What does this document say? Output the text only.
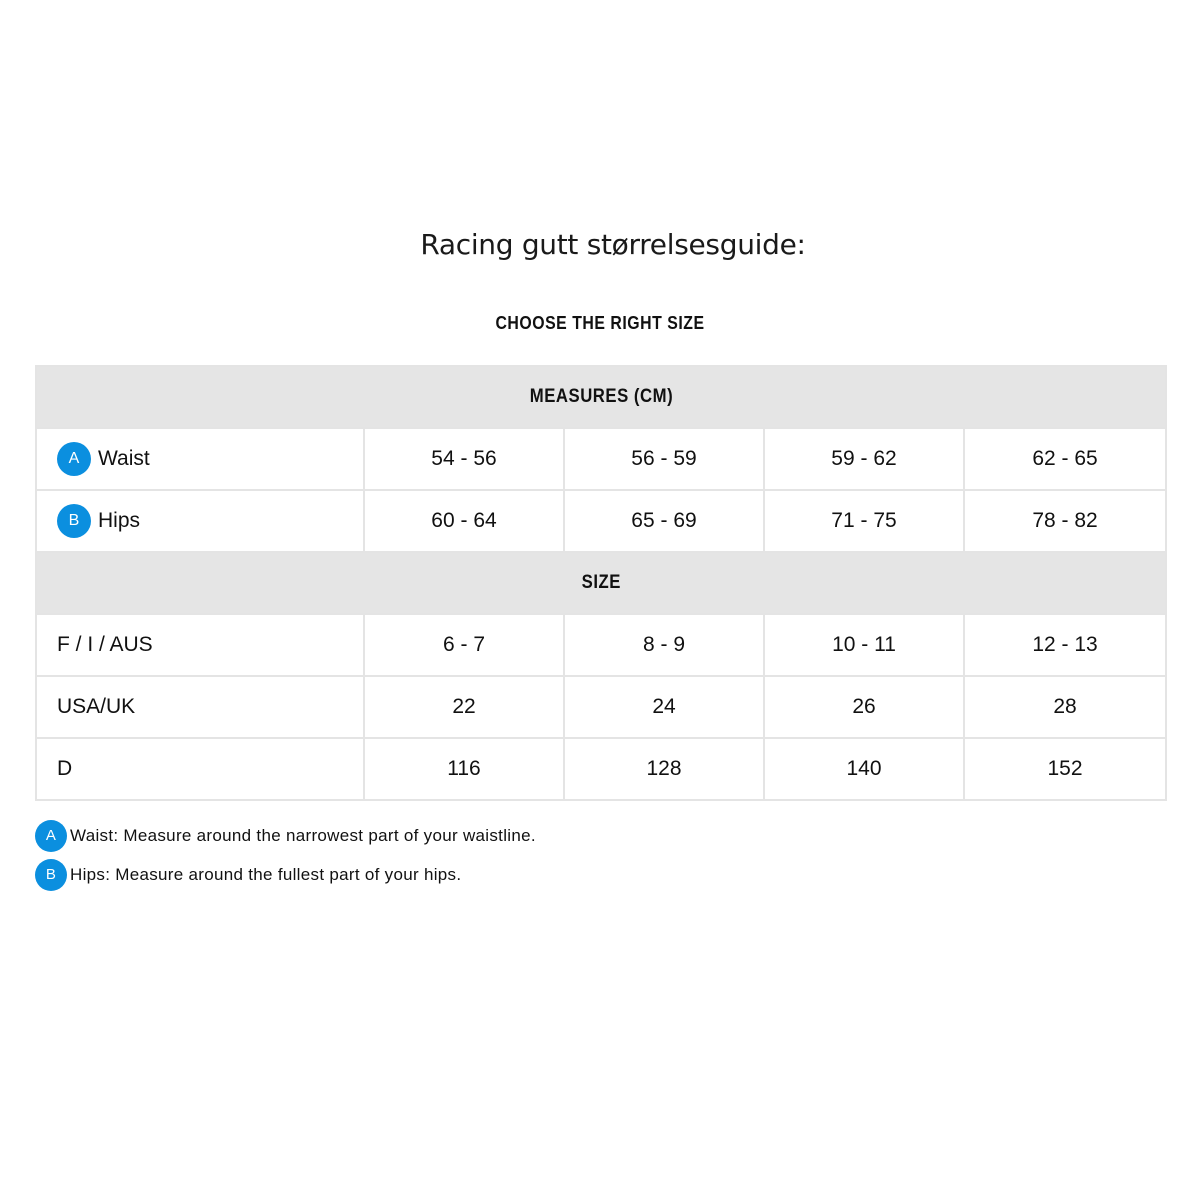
Racing gutt størrelsesguide:
CHOOSE THE RIGHT SIZE
MEASURES (CM)				
A Waist	54 - 56	56 - 59	59 - 62	62 - 65
B Hips	60 - 64	65 - 69	71 - 75	78 - 82
SIZE				
F / I / AUS	6 - 7	8 - 9	10 - 11	12 - 13
USA/UK	22	24	26	28
D	116	128	140	152
A Waist: Measure around the narrowest part of your waistline.
B Hips: Measure around the fullest part of your hips.
